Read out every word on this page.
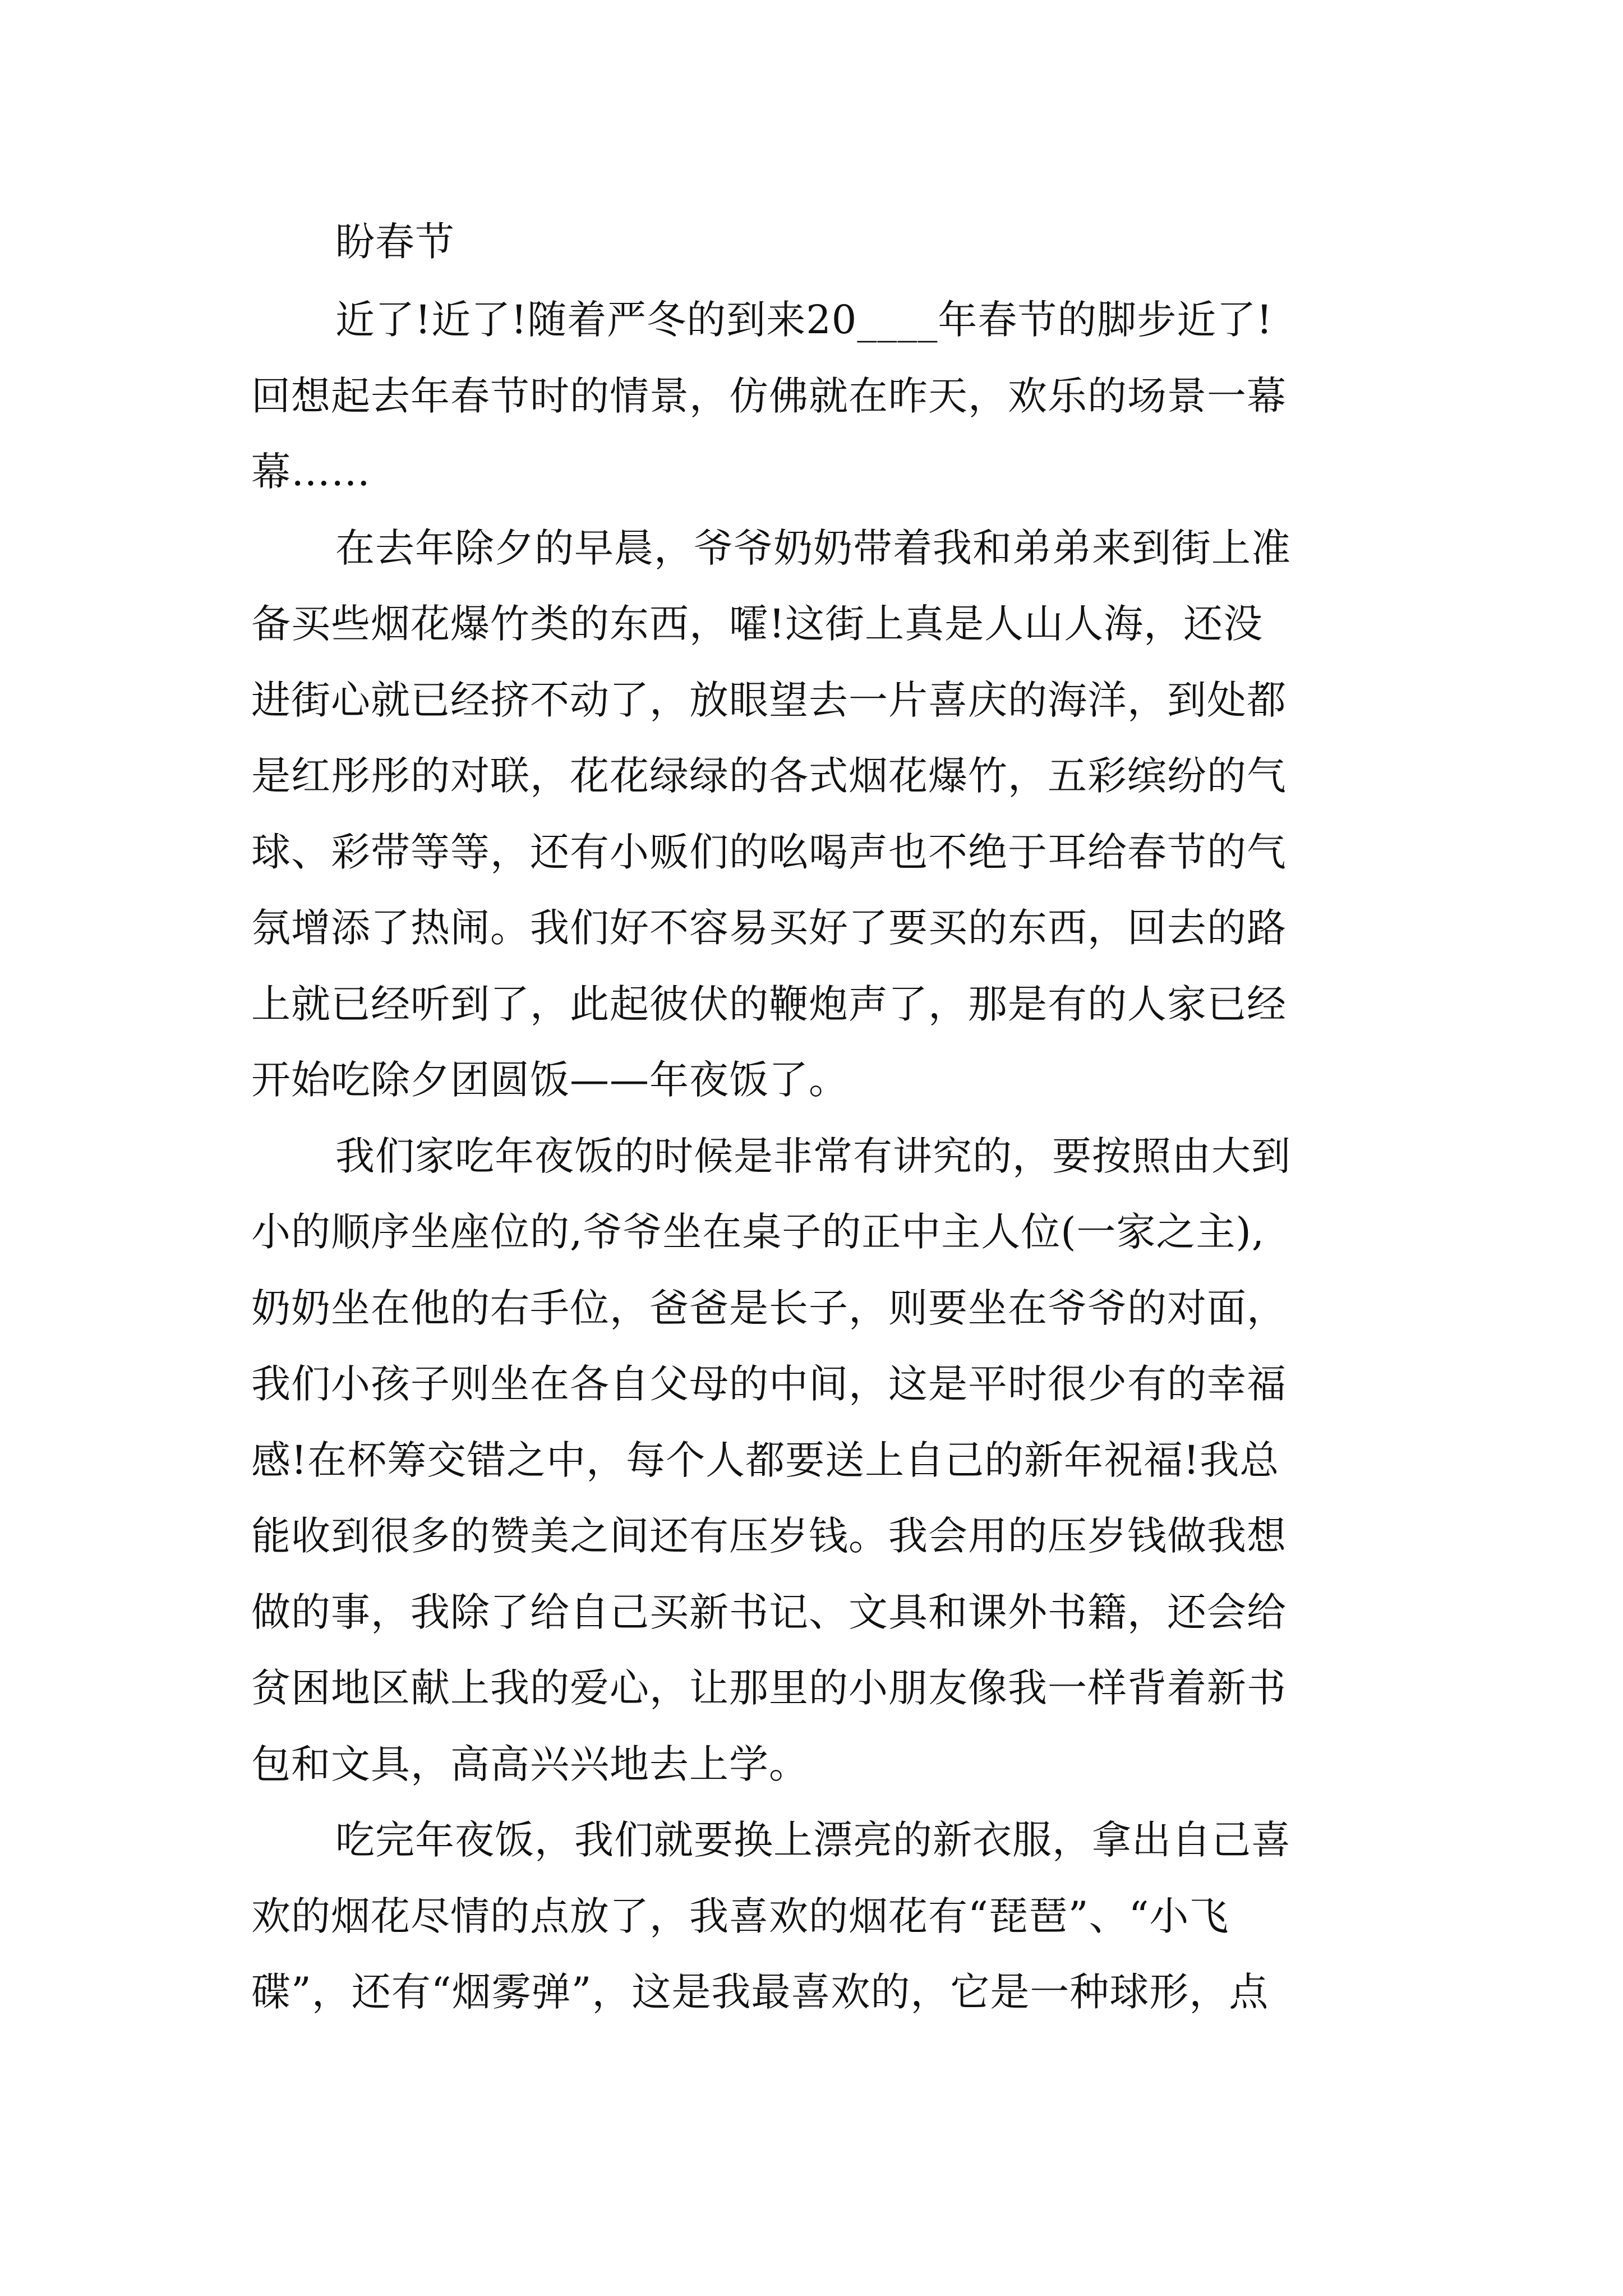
盼春节

近了!近了!随着严冬的到来20____年春节的脚步近了!

回想起去年春节时的情景，仿佛就在昨天，欢乐的场景一幕

幕……

在去年除夕的早晨，爷爷奶奶带着我和弟弟来到街上准

备买些烟花爆竹类的东西，嚯!这街上真是人山人海，还没

进街心就已经挤不动了，放眼望去一片喜庆的海洋，到处都

是红彤彤的对联，花花绿绿的各式烟花爆竹，五彩缤纷的气

球、彩带等等，还有小贩们的吆喝声也不绝于耳给春节的气

氛增添了热闹。我们好不容易买好了要买的东西，回去的路

上就已经听到了，此起彼伏的鞭炮声了，那是有的人家已经

开始吃除夕团圆饭——年夜饭了。

我们家吃年夜饭的时候是非常有讲究的，要按照由大到

小的顺序坐座位的,爷爷坐在桌子的正中主人位(一家之主),

奶奶坐在他的右手位，爸爸是长子，则要坐在爷爷的对面，

我们小孩子则坐在各自父母的中间，这是平时很少有的幸福

感!在杯筹交错之中，每个人都要送上自己的新年祝福!我总

能收到很多的赞美之间还有压岁钱。我会用的压岁钱做我想

做的事，我除了给自己买新书记、文具和课外书籍，还会给

贫困地区献上我的爱心，让那里的小朋友像我一样背着新书

包和文具，高高兴兴地去上学。

吃完年夜饭，我们就要换上漂亮的新衣服，拿出自己喜

欢的烟花尽情的点放了，我喜欢的烟花有“琵琶”、“小飞

碟”，还有“烟雾弹”，这是我最喜欢的，它是一种球形，点
